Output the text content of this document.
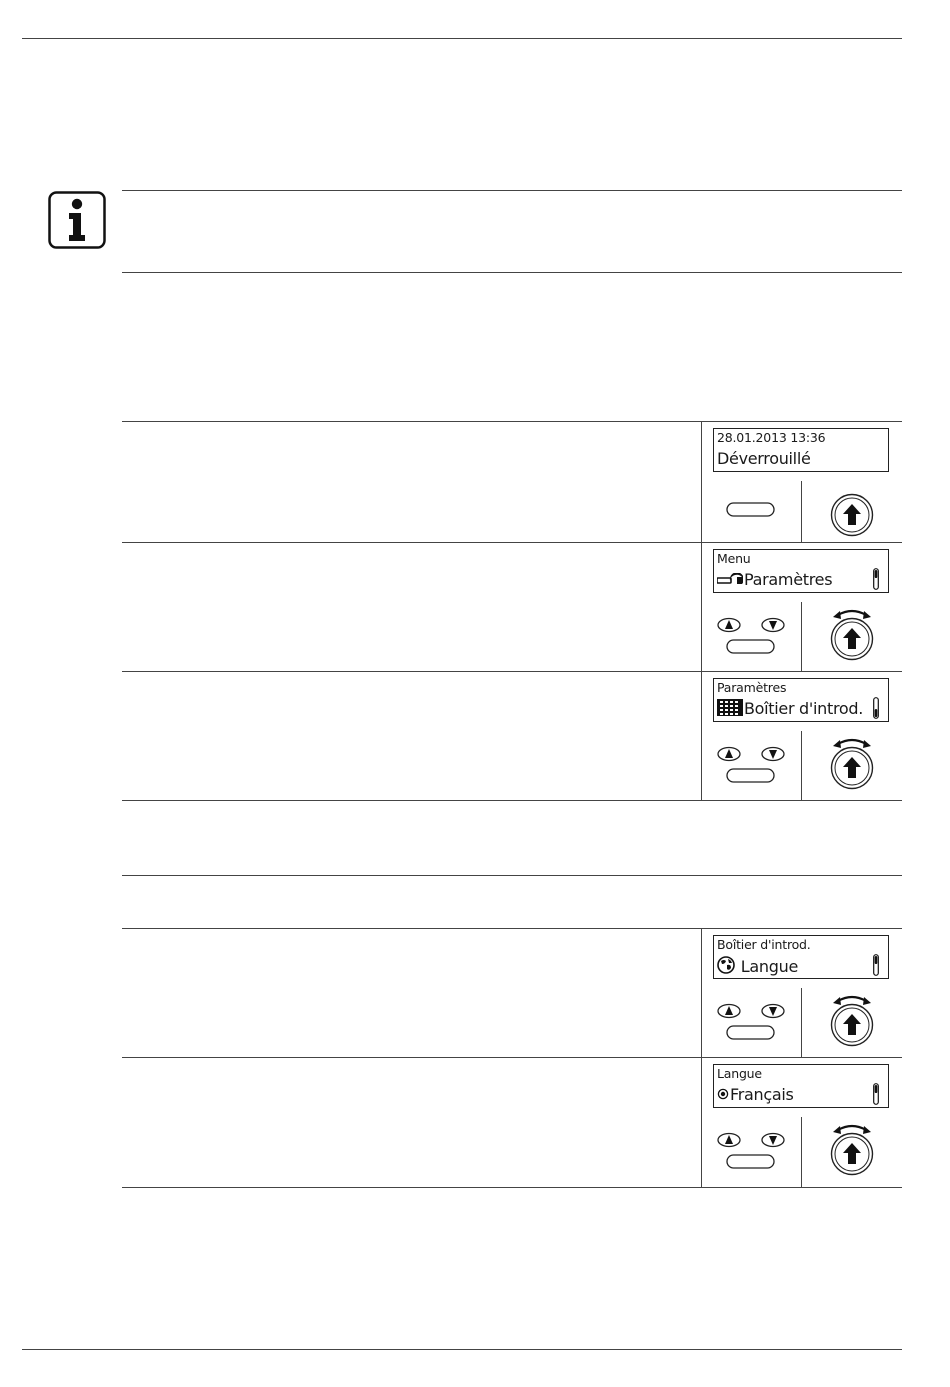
28.01.2013 13:36
Déverrouillé
Menu
Paramètres
Paramètres
Boîtier d'introd.
Boîtier d'introd.
Langue
Langue
Français
